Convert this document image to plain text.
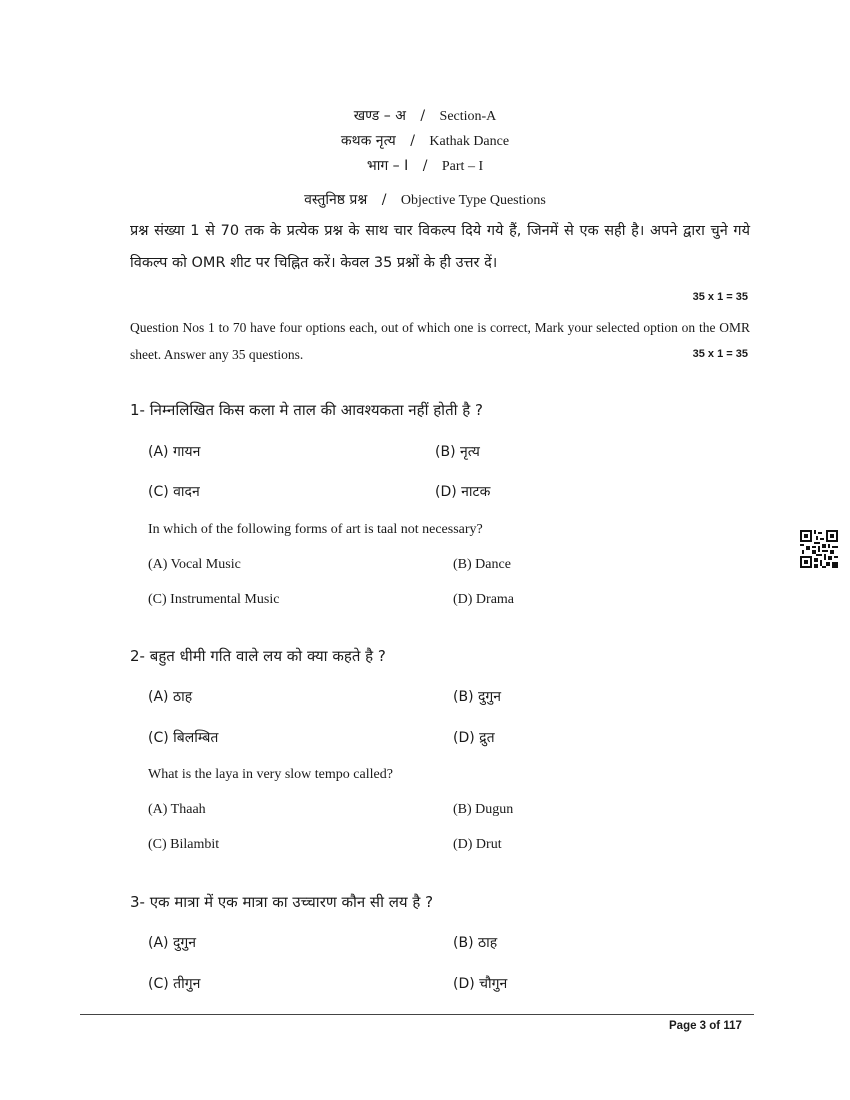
खण्ड – अ / Section-A
कथक नृत्य / Kathak Dance
भाग – I / Part – I
वस्तुनिष्ठ प्रश्न / Objective Type Questions
प्रश्न संख्या 1 से 70 तक के प्रत्येक प्रश्न के साथ चार विकल्प दिये गये हैं, जिनमें से एक सही है। अपने द्वारा चुने गये विकल्प को OMR शीट पर चिह्नित करें। केवल 35 प्रश्नों के ही उत्तर दें।
35 x 1 = 35
Question Nos 1 to 70 have four options each, out of which one is correct, Mark your selected option on the OMR sheet. Answer any 35 questions.	35 x 1 = 35
1- निम्नलिखित किस कला मे ताल की आवश्यकता नहीं होती है ?
(A) गायन	(B) नृत्य
(C) वादन	(D) नाटक
In which of the following forms of art is taal not necessary?
(A) Vocal Music	(B) Dance
(C) Instrumental Music	(D) Drama
2- बहुत धीमी गति वाले लय को क्या कहते है ?
(A) ठाह	(B) दुगुन
(C) बिलम्बित	(D) द्रुत
What is the laya in very slow tempo called?
(A) Thaah	(B) Dugun
(C) Bilambit	(D) Drut
3- एक मात्रा में एक मात्रा का उच्चारण कौन सी लय है ?
(A) दुगुन	(B) ठाह
(C) तीगुन	(D) चौगुन
Page 3 of 117
